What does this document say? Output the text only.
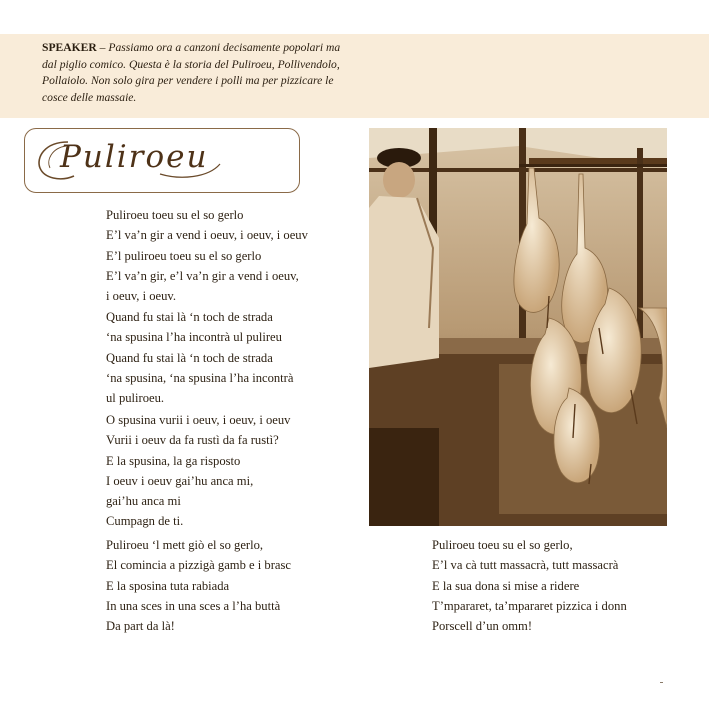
SPEAKER – Passiamo ora a canzoni decisamente popolari ma dal piglio comico. Questa è la storia del Puliroeu, Pollivendolo, Pollaiolo. Non solo gira per vendere i polli ma per pizzicare le cosce delle massaie.
Puliroeu
Puliroeu toeu su el so gerlo
E’l va’n gir a vend i oeuv, i oeuv, i oeuv
E’l puliroeu toeu su el so gerlo
E’l va’n gir, e’l va’n gir a vend i oeuv,
i oeuv, i oeuv.
Quand fu stai là ‘n toch de strada
‘na spusina l’ha incontrà ul pulireu
Quand fu stai là ‘n toch de strada
‘na spusina, ‘na spusina l’ha incontrà
ul puliroeu.
O spusina vurii i oeuv, i oeuv, i oeuv
Vurii i oeuv da fa rustì da fa rustì?
E la spusina, la ga risposto
I oeuv i oeuv gai’hu anca mi,
gai’hu anca mi
Cumpagn de ti.
Puliroeu ‘l mett giò el so gerlo,
El comincia a pizzigà gamb e i brasc
E la sposina tuta rabiada
In una sces in una sces a l’ha buttà
Da part da là!
Puliroeu toeu su el so gerlo,
E’l va cà tutt massacrà, tutt massacrà
E la sua dona si mise a ridere
T’mpararet, ta’mpararet pizzica i donn
Porscell d’un omm!
